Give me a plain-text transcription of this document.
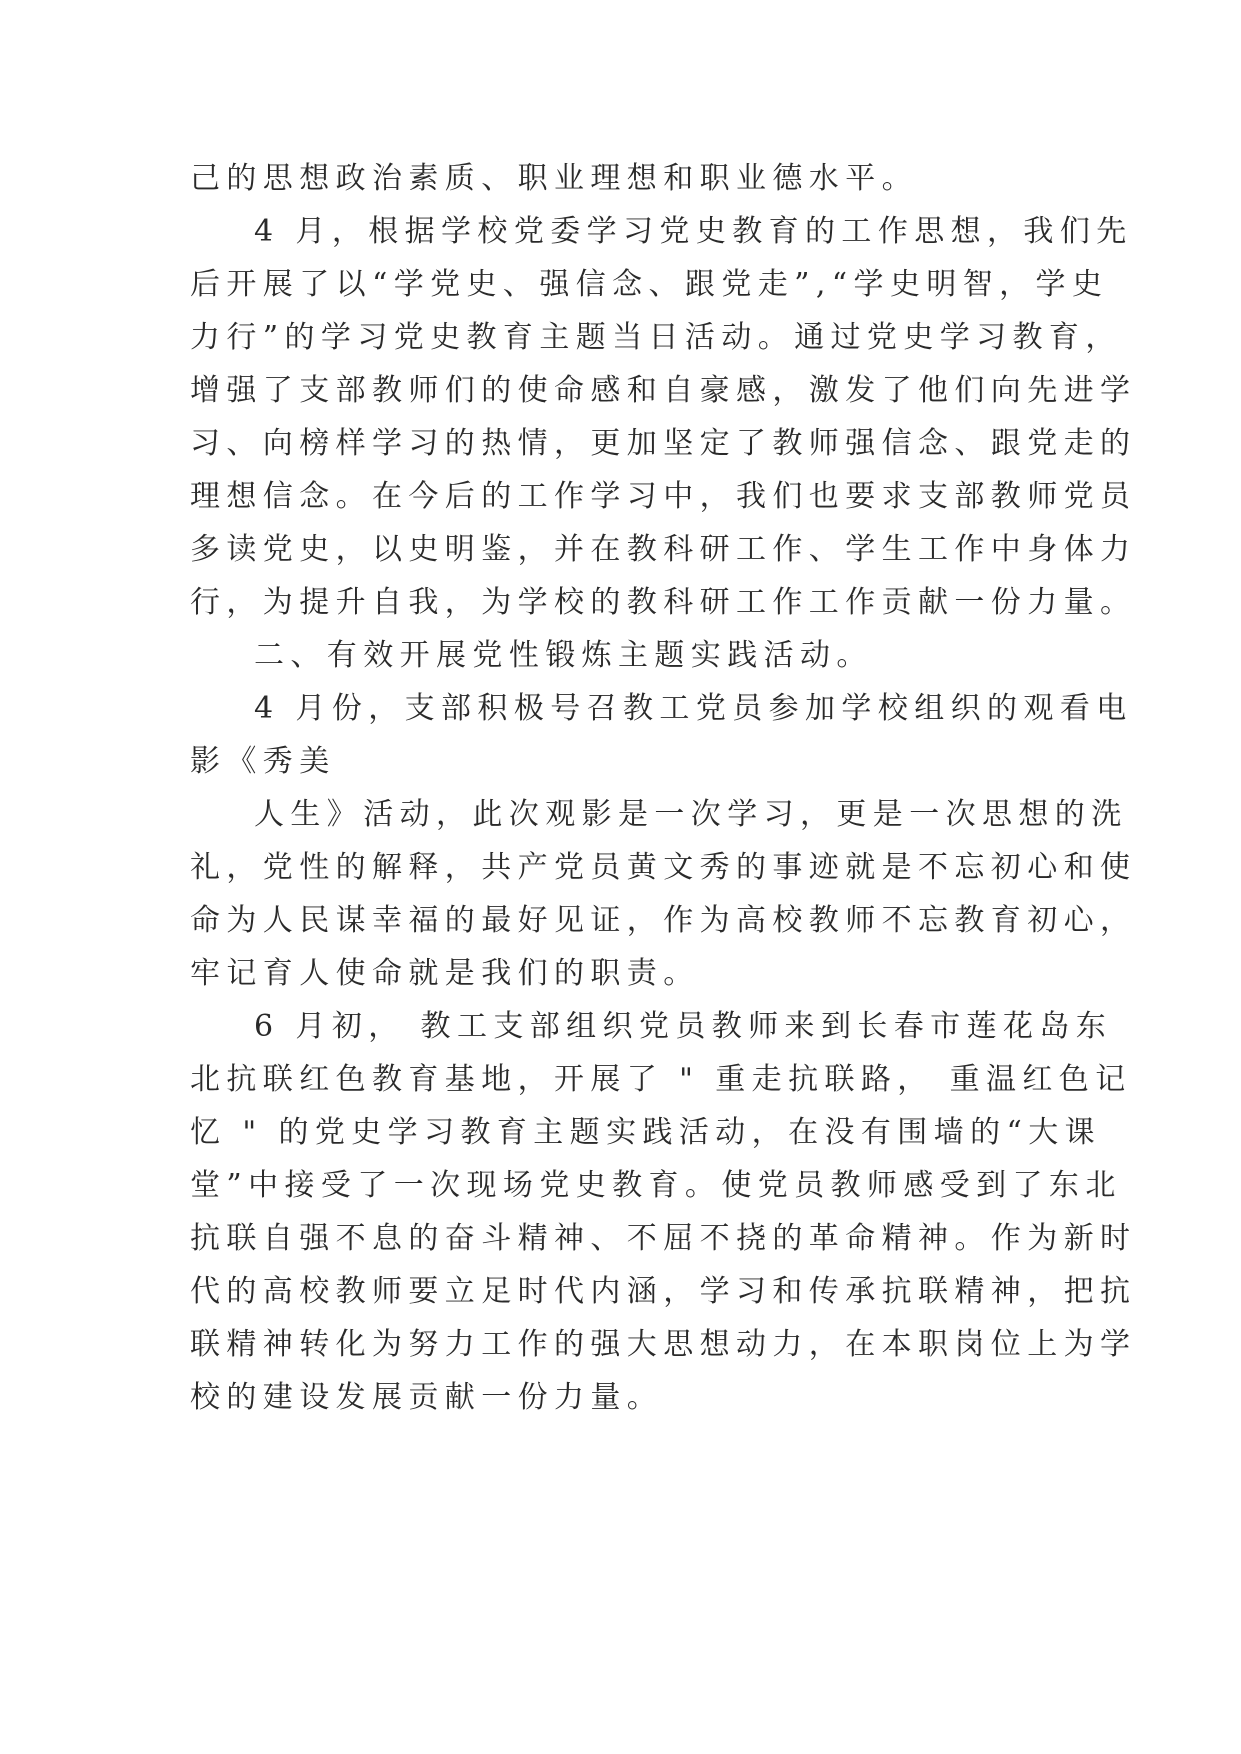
己的思想政治素质、职业理想和职业德水平。
4 月，根据学校党委学习党史教育的工作思想，我们先
后开展了以“学党史、强信念、跟党走”,“学史明智，学史
力行”的学习党史教育主题当日活动。通过党史学习教育，
增强了支部教师们的使命感和自豪感，激发了他们向先进学
习、向榜样学习的热情，更加坚定了教师强信念、跟党走的
理想信念。在今后的工作学习中，我们也要求支部教师党员
多读党史，以史明鉴，并在教科研工作、学生工作中身体力
行，为提升自我，为学校的教科研工作工作贡献一份力量。
二、有效开展党性锻炼主题实践活动。
4 月份，支部积极号召教工党员参加学校组织的观看电
影《秀美
人生》活动，此次观影是一次学习，更是一次思想的洗
礼，党性的解释，共产党员黄文秀的事迹就是不忘初心和使
命为人民谋幸福的最好见证，作为高校教师不忘教育初心，
牢记育人使命就是我们的职责。
6 月初， 教工支部组织党员教师来到长春市莲花岛东
北抗联红色教育基地，开展了 " 重走抗联路， 重温红色记
忆 " 的党史学习教育主题实践活动，在没有围墙的“大课
堂”中接受了一次现场党史教育。使党员教师感受到了东北
抗联自强不息的奋斗精神、不屈不挠的革命精神。作为新时
代的高校教师要立足时代内涵，学习和传承抗联精神，把抗
联精神转化为努力工作的强大思想动力，在本职岗位上为学
校的建设发展贡献一份力量。
